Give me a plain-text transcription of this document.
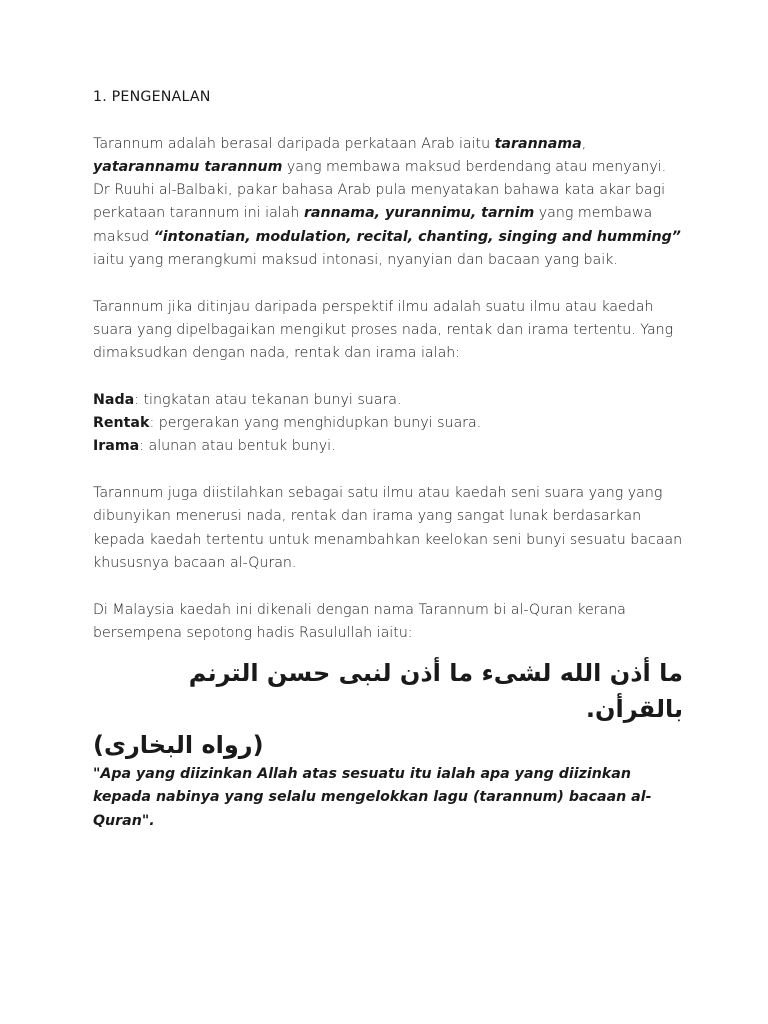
1. PENGENALAN

Tarannum adalah berasal daripada perkataan Arab iaitu tarannama, yatarannamu tarannum yang membawa maksud berdendang atau menyanyi. Dr Ruuhi al-Balbaki, pakar bahasa Arab pula menyatakan bahawa kata akar bagi perkataan tarannum ini ialah rannama, yurannimu, tarnim yang membawa maksud “intonatian, modulation, recital, chanting, singing and humming” iaitu yang merangkumi maksud intonasi, nyanyian dan bacaan yang baik.

Tarannum jika ditinjau daripada perspektif ilmu adalah suatu ilmu atau kaedah suara yang dipelbagaikan mengikut proses nada, rentak dan irama tertentu. Yang dimaksudkan dengan nada, rentak dan irama ialah:

Nada: tingkatan atau tekanan bunyi suara.

Rentak: pergerakan yang menghidupkan bunyi suara.

Irama: alunan atau bentuk bunyi.

Tarannum juga diistilahkan sebagai satu ilmu atau kaedah seni suara yang yang dibunyikan menerusi nada, rentak dan irama yang sangat lunak berdasarkan kepada kaedah tertentu untuk menambahkan keelokan seni bunyi sesuatu bacaan khususnya bacaan al-Quran.

Di Malaysia kaedah ini dikenali dengan nama Tarannum bi al-Quran kerana bersempena sepotong hadis Rasulullah iaitu:

ما أذن الله لشىء ما أذن لنبى حسن الترنم بالقرأن.
(رواه البخارى)

"Apa yang diizinkan Allah atas sesuatu itu ialah apa yang diizinkan kepada nabinya yang selalu mengelokkan lagu (tarannum) bacaan al-Quran".
